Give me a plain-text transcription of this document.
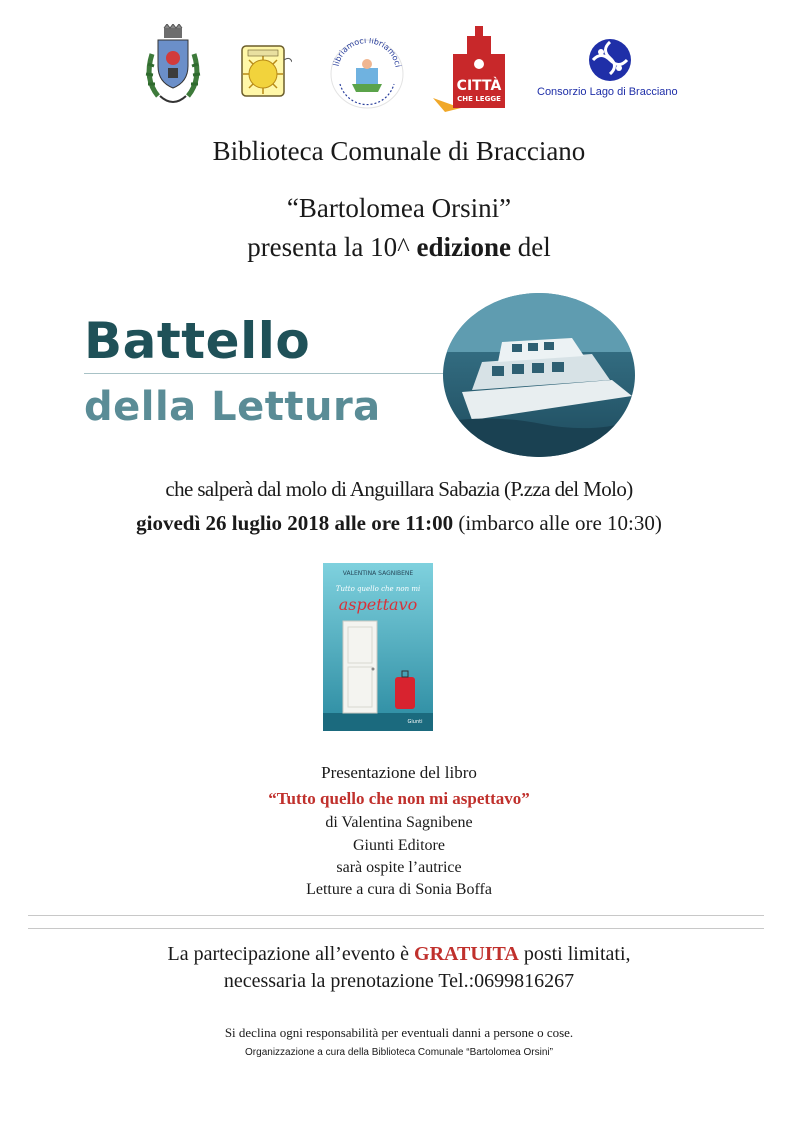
libriamoci libriamoci
CITTÀ
CHE LEGGE
Consorzio Lago di Bracciano
Biblioteca Comunale di Bracciano
“Bartolomea Orsini”
presenta la 10^ edizione del
Battello
della Lettura
che salperà dal molo di Anguillara Sabazia (P.zza del Molo)
giovedì 26 luglio 2018 alle ore 11:00 (imbarco alle ore 10:30)
VALENTINA SAGNIBENE
Tutto quello che non mi
aspettavo
Giunti
Presentazione del libro
“Tutto quello che non mi aspettavo”
di Valentina Sagnibene
Giunti Editore
sarà ospite l’autrice
Letture a cura di Sonia Boffa
La partecipazione all’evento è GRATUITA posti limitati,
necessaria la prenotazione Tel.:0699816267
Si declina ogni responsabilità per eventuali danni a persone o cose.
Organizzazione a cura della Biblioteca Comunale “Bartolomea Orsini”
